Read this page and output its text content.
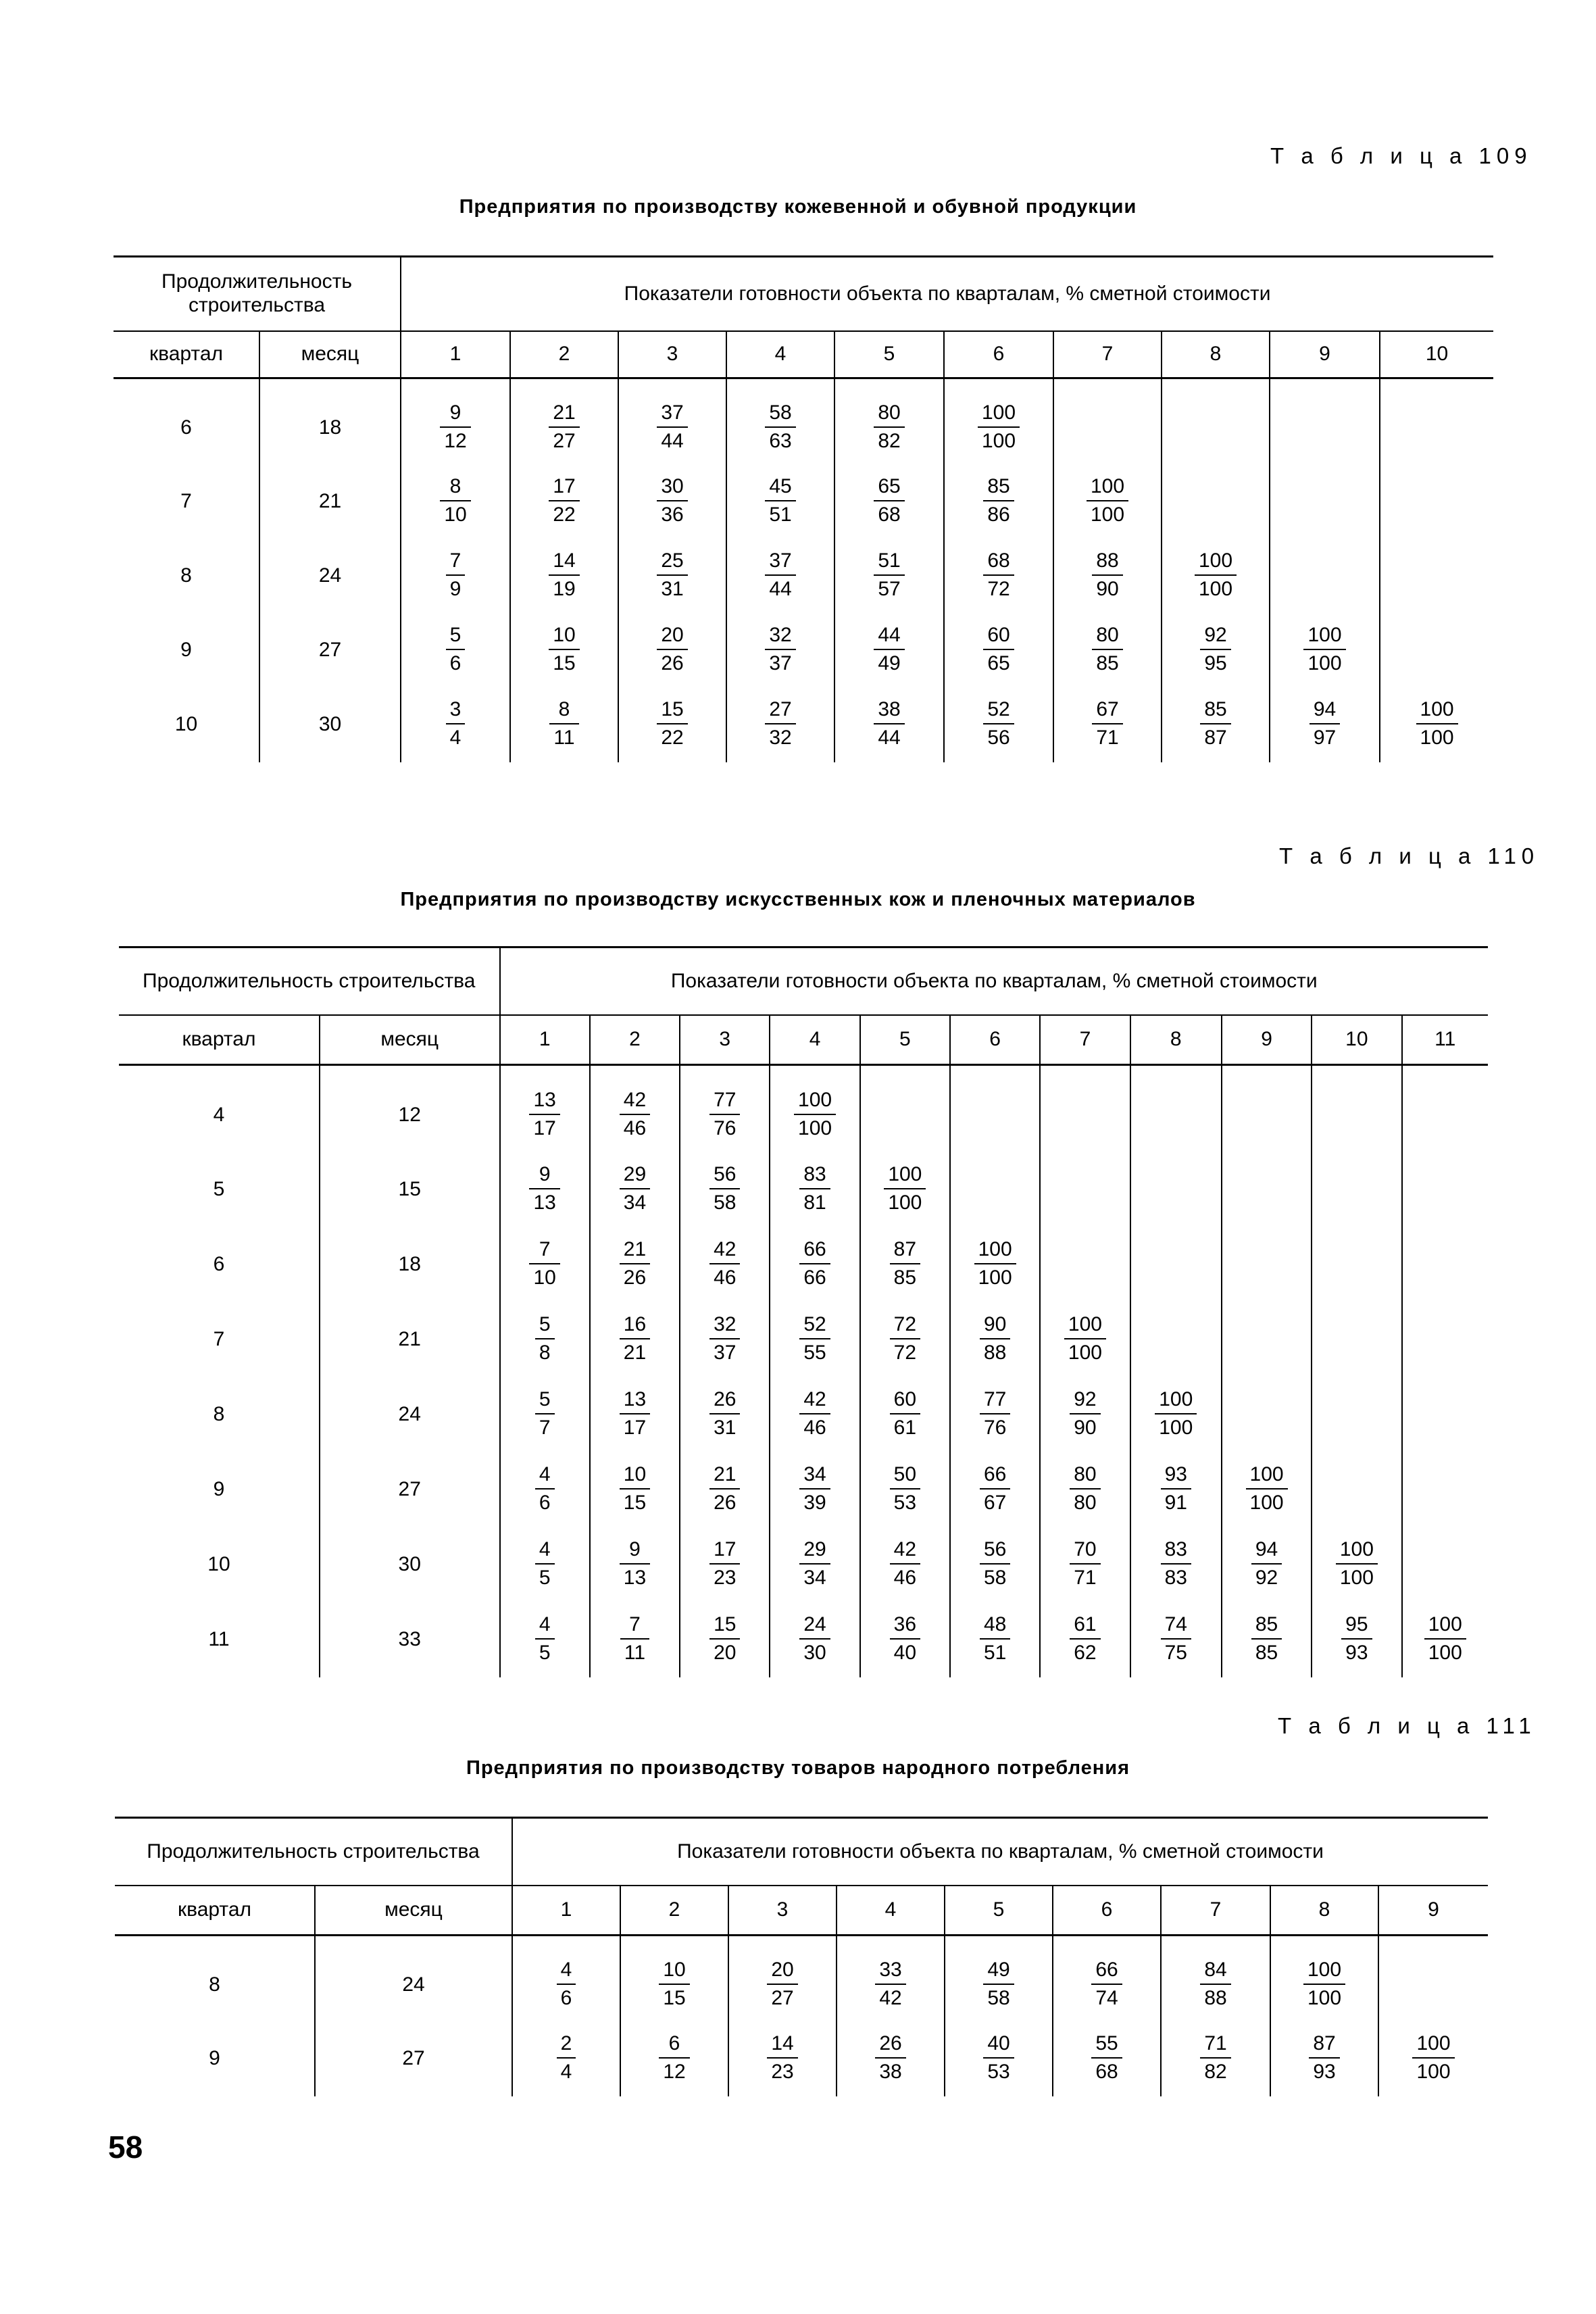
Т а б л и ц а 109
Предприятия по производству кожевенной и обувной продукции
Продолжительность строительства		Показатели готовности объекта по кварталам, % сметной стоимости									
квартал	месяц	1	2	3	4	5	6	7	8	9	10
6	18	$\frac{9}{12}$	$\frac{21}{27}$	$\frac{37}{44}$	$\frac{58}{63}$	$\frac{80}{82}$	$\frac{100}{100}$

7	21	$\frac{8}{10}$	$\frac{17}{22}$	$\frac{30}{36}$	$\frac{45}{51}$	$\frac{65}{68}$	$\frac{85}{86}$	$\frac{100}{100}$

8	24	$\frac{7}{9}$	$\frac{14}{19}$	$\frac{25}{31}$	$\frac{37}{44}$	$\frac{51}{57}$	$\frac{68}{72}$	$\frac{88}{90}$	$\frac{100}{100}$

9	27	$\frac{5}{6}$	$\frac{10}{15}$	$\frac{20}{26}$	$\frac{32}{37}$	$\frac{44}{49}$	$\frac{60}{65}$	$\frac{80}{85}$	$\frac{92}{95}$	$\frac{100}{100}$

10	30	$\frac{3}{4}$	$\frac{8}{11}$	$\frac{15}{22}$	$\frac{27}{32}$	$\frac{38}{44}$	$\frac{52}{56}$	$\frac{67}{71}$	$\frac{85}{87}$	$\frac{94}{97}$	$\frac{100}{100}$
Т а б л и ц а 110
Предприятия по производству искусственных кож и пленочных материалов
Продолжительность строительства		Показатели готовности объекта по кварталам, % сметной стоимости										
квартал	месяц	1	2	3	4	5	6	7	8	9	10	11
4	12	$\frac{13}{17}$	$\frac{42}{46}$	$\frac{77}{76}$	$\frac{100}{100}$

5	15	$\frac{9}{13}$	$\frac{29}{34}$	$\frac{56}{58}$	$\frac{83}{81}$	$\frac{100}{100}$

6	18	$\frac{7}{10}$	$\frac{21}{26}$	$\frac{42}{46}$	$\frac{66}{66}$	$\frac{87}{85}$	$\frac{100}{100}$

7	21	$\frac{5}{8}$	$\frac{16}{21}$	$\frac{32}{37}$	$\frac{52}{55}$	$\frac{72}{72}$	$\frac{90}{88}$	$\frac{100}{100}$

8	24	$\frac{5}{7}$	$\frac{13}{17}$	$\frac{26}{31}$	$\frac{42}{46}$	$\frac{60}{61}$	$\frac{77}{76}$	$\frac{92}{90}$	$\frac{100}{100}$

9	27	$\frac{4}{6}$	$\frac{10}{15}$	$\frac{21}{26}$	$\frac{34}{39}$	$\frac{50}{53}$	$\frac{66}{67}$	$\frac{80}{80}$	$\frac{93}{91}$	$\frac{100}{100}$

10	30	$\frac{4}{5}$	$\frac{9}{13}$	$\frac{17}{23}$	$\frac{29}{34}$	$\frac{42}{46}$	$\frac{56}{58}$	$\frac{70}{71}$	$\frac{83}{83}$	$\frac{94}{92}$	$\frac{100}{100}$

11	33	$\frac{4}{5}$	$\frac{7}{11}$	$\frac{15}{20}$	$\frac{24}{30}$	$\frac{36}{40}$	$\frac{48}{51}$	$\frac{61}{62}$	$\frac{74}{75}$	$\frac{85}{85}$	$\frac{95}{93}$	$\frac{100}{100}$
Т а б л и ц а 111
Предприятия по производству товаров народного потребления
Продолжительность строительства		Показатели готовности объекта по кварталам, % сметной стоимости								
квартал	месяц	1	2	3	4	5	6	7	8	9
8	24	$\frac{4}{6}$	$\frac{10}{15}$	$\frac{20}{27}$	$\frac{33}{42}$	$\frac{49}{58}$	$\frac{66}{74}$	$\frac{84}{88}$	$\frac{100}{100}$

9	27	$\frac{2}{4}$	$\frac{6}{12}$	$\frac{14}{23}$	$\frac{26}{38}$	$\frac{40}{53}$	$\frac{55}{68}$	$\frac{71}{82}$	$\frac{87}{93}$	$\frac{100}{100}$
58
